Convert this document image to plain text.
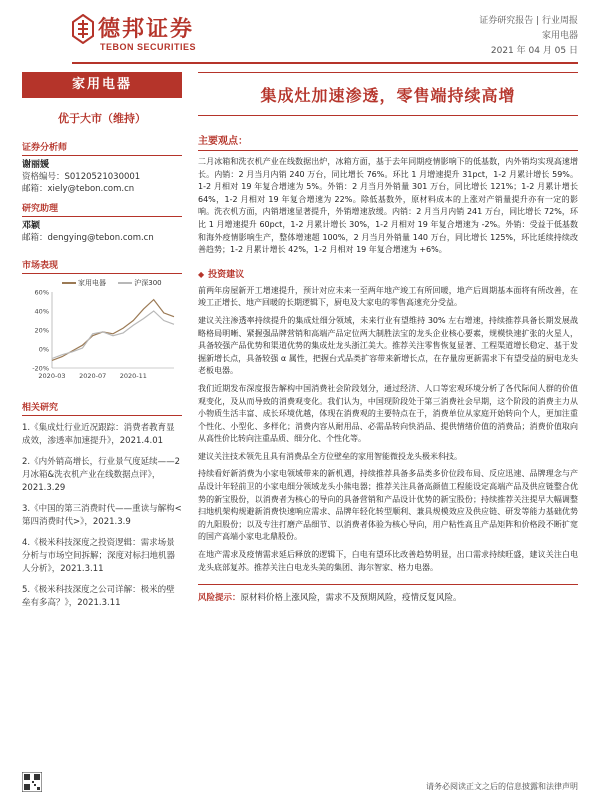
德邦证券
TEBON SECURITIES
证券研究报告 | 行业周报
家用电器
2021 年 04 月 05 日
家用电器
优于大市（维持）
证券分析师
谢丽媛
资格编号：S0120521030001
邮箱：xiely@tebon.com.cn
研究助理
邓颖
邮箱：dengying@tebon.com.cn
市场表现
家用电器	沪深300
-20%
0%
20%
40%
60%
2020-03 2020-07 2020-11
相关研究
1.《集成灶行业近况跟踪：消费者教育显成效，渗透率加速提升》，2021.4.01
2.《内外销高增长，行业景气度延续——2 月冰箱&洗衣机产业在线数据点评》，2021.3.29
3.《中国的第三消费时代——重读与解构<第四消费时代>》，2021.3.9
4.《极米科技深度之投资逻辑：需求场景分析与市场空间拆解；深度对标扫地机器人分析》，2021.3.11
5.《极米科技深度之公司详解：极米的壁垒有多高？》，2021.3.11
集成灶加速渗透，零售端持续高增
主要观点：

二月冰箱和洗衣机产业在线数据出炉，冰箱方面，基于去年同期疫情影响下的低基数，内外销均实现高速增长。内销：2 月当月内销 240 万台，同比增长 76%。环比 1 月增速提升 31pct，1-2 月累计增长 59%。1-2 月相对 19 年复合增速为 5%。外销：2 月当月外销量 301 万台，同比增长 121%；1-2 月累计增长 64%，1-2 月相对 19 年复合增速为 22%。除低基数外，原材料成本的上涨对产销量提升亦有一定的影响。洗衣机方面，内销增速显著提升，外销增速放缓。内销：2 月当月内销 241 万台，同比增长 72%，环比 1 月增速提升 60pct，1-2 月累计增长 30%，1-2 月相对 19 年复合增速为 -2%。外销：受益于低基数和海外疫情影响生产，整体增速超 100%，2 月当月外销量 140 万台，同比增长 125%，环比延续持续改善趋势；1-2 月累计增长 42%，1-2 月相对 19 年复合增速为 +6%。

◆ 投资建议

前两年房屋新开工增速提升，预计对应未来一至两年地产竣工有所回暖，地产后周期基本面将有所改善，在竣工正增长、地产回暖的长期逻辑下，厨电及大家电的零售高速充分受益。

建议关注渗透率持续提升的集成灶细分领域，未来行业有望维持 30% 左右增速，持续推荐具备长期发展战略格局明晰、紧握强品牌营销和高端产品定位两大制胜法宝的龙头企业核心要素，规模快速扩张的火星人，具备较强产品优势和渠道优势的集成灶龙头浙江美大。推荐关注零售恢复显著、工程渠道增长稳定、基于发掘新增长点，具备较强 α 属性，把握台式品类扩容带来新增长点，在存量房更新需求下有望受益的厨电龙头老板电器。

我们近期发布深度报告解构中国消费社会阶段划分，通过经济、人口等宏观环境分析了各代际间人群的价值观变化，及从而导致的消费观变化。我们认为，中国现阶段处于第三消费社会早期，这个阶段的消费主力从小物质生活丰富、成长环境优越，体现在消费观的主要特点在于，消费单位从家庭开始转向个人，更加注重个性化、小型化、多样化；消费内容从耐用品、必需品转向快消品、提供情绪价值的消费品；消费价值取向从高性价比转向注重品质、细分化、个性化等。

建议关注技术领先且具有消费品全方位壁垒的家用智能微投龙头极米科技。

持续看好新消费为小家电领域带来的新机遇，持续推荐具备多品类多价位段布局、反应迅速、品牌理念与产品设计年轻前卫的小家电细分领域龙头小熊电器；推荐关注具备高颜值工程能设定高端产品及供应链整合优势的新宝股份，以消费者为核心的导向的具备营销和产品设计优势的新宝股份；持续推荐关注提早大幅调整扫地机架构规避新消费快速响应需求、品牌年轻化转型顺利、兼具规模效应及供应链、研发等能力基础优势的九阳股份；以及专注打磨产品细节、以消费者体验为核心导向，用户粘性高且产品矩阵和价格段不断扩宽的国产高端小家电北鼎股份。

在地产需求及疫情需求延后释放的逻辑下，白电有望环比改善趋势明显，出口需求持续旺盛，建议关注白电龙头底部复苏。推荐关注白电龙头美的集团、海尔智家、格力电器。

风险提示：原材料价格上涨风险，需求不及预期风险，疫情反复风险。
请务必阅读正文之后的信息披露和法律声明
